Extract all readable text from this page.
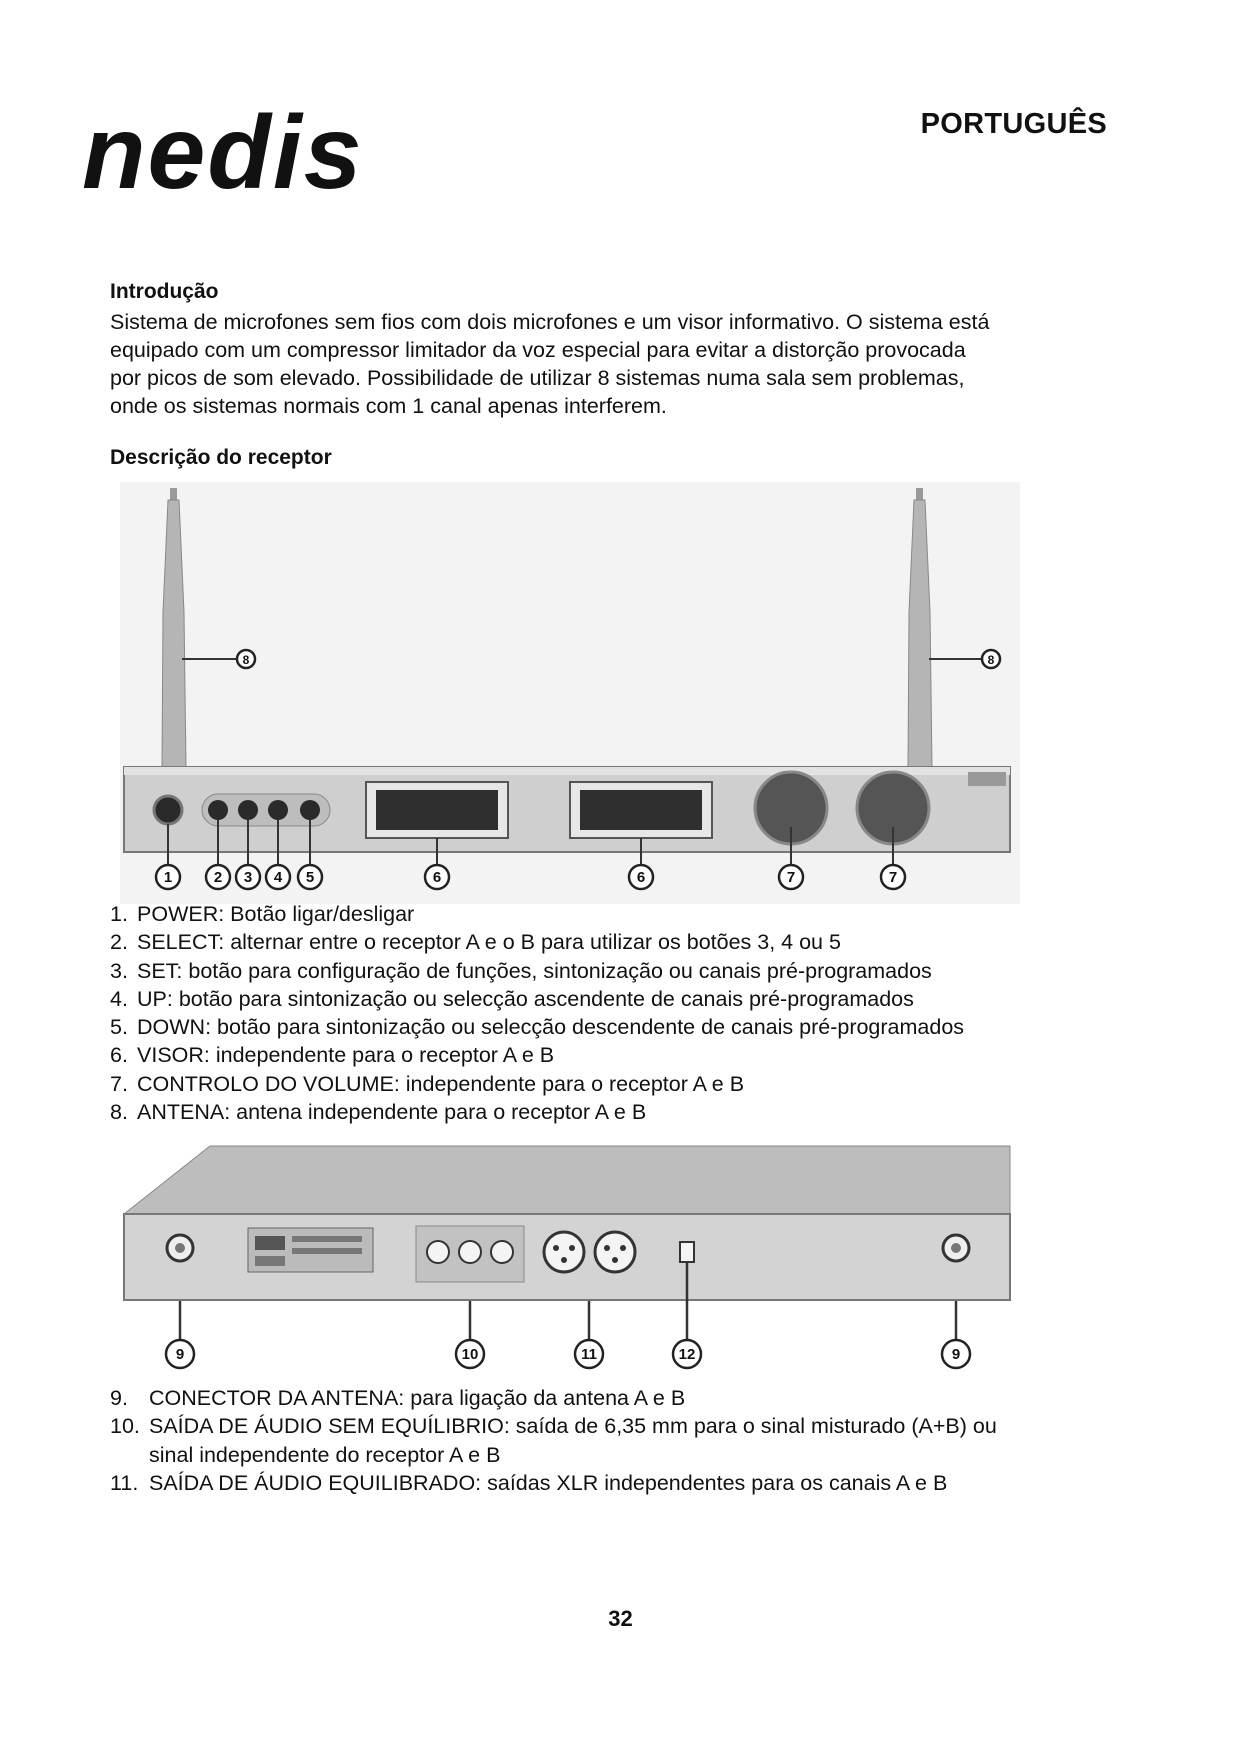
nedis	PORTUGUÊS

Introdução

Sistema de microfones sem fios com dois microfones e um visor informativo. O sistema está
equipado com um compressor limitador da voz especial para evitar a distorção provocada
por picos de som elevado. Possibilidade de utilizar 8 sistemas numa sala sem problemas,
onde os sistemas normais com 1 canal apenas interferem.

Descrição do receptor

1	2 3 4 5	6	6	7	7
8	8
1. POWER: Botão ligar/desligar
2. SELECT: alternar entre o receptor A e o B para utilizar os botões 3, 4 ou 5
3. SET: botão para configuração de funções, sintonização ou canais pré-programados
4. UP: botão para sintonização ou selecção ascendente de canais pré-programados
5. DOWN: botão para sintonização ou selecção descendente de canais pré-programados
6. VISOR: independente para o receptor A e B
7. CONTROLO DO VOLUME: independente para o receptor A e B
8. ANTENA: antena independente para o receptor A e B
9	10	11	12	9
9. CONECTOR DA ANTENA: para ligação da antena A e B
10. SAÍDA DE ÁUDIO SEM EQUÍLIBRIO: saída de 6,35 mm para o sinal misturado (A+B) ou sinal independente do receptor A e B
11. SAÍDA DE ÁUDIO EQUILIBRADO: saídas XLR independentes para os canais A e B
32
